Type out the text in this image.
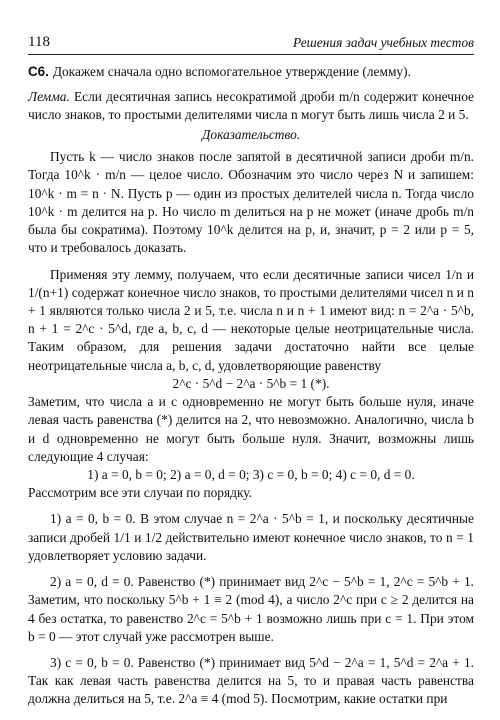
118	Решения задач учебных тестов

С6. Докажем сначала одно вспомогательное утверждение (лемму).

Лемма. Если десятичная запись несократимой дроби m/n содержит конечное число знаков, то простыми делителями числа n могут быть лишь числа 2 и 5.

Доказательство.

Пусть k — число знаков после запятой в десятичной записи дроби m/n. Тогда 10^k · m/n — целое число. Обозначим это число через N и запишем: 10^k · m = n · N. Пусть p — один из простых делителей числа n. Тогда число 10^k · m делится на p. Но число m делиться на p не может (иначе дробь m/n была бы сократима). Поэтому 10^k делится на p, и, значит, p = 2 или p = 5, что и требовалось доказать.

Применяя эту лемму, получаем, что если десятичные записи чисел 1/n и 1/(n+1) содержат конечное число знаков, то простыми делителями чисел n и n + 1 являются только числа 2 и 5, т.е. числа n и n + 1 имеют вид: n = 2^a · 5^b, n + 1 = 2^c · 5^d, где a, b, c, d — некоторые целые неотрицательные числа. Таким образом, для решения задачи достаточно найти все целые неотрицательные числа a, b, c, d, удовлетворяющие равенству

2^c · 5^d − 2^a · 5^b = 1 (*).

Заметим, что числа a и c одновременно не могут быть больше нуля, иначе левая часть равенства (*) делится на 2, что невозможно. Аналогично, числа b и d одновременно не могут быть больше нуля. Значит, возможны лишь следующие 4 случая:

1) a = 0, b = 0; 2) a = 0, d = 0; 3) c = 0, b = 0; 4) c = 0, d = 0.

Рассмотрим все эти случаи по порядку.

1) a = 0, b = 0. В этом случае n = 2^a · 5^b = 1, и поскольку десятичные записи дробей 1/1 и 1/2 действительно имеют конечное число знаков, то n = 1 удовлетворяет условию задачи.

2) a = 0, d = 0. Равенство (*) принимает вид 2^c − 5^b = 1, 2^c = 5^b + 1. Заметим, что поскольку 5^b + 1 ≡ 2 (mod 4), а число 2^c при c ≥ 2 делится на 4 без остатка, то равенство 2^c = 5^b + 1 возможно лишь при c = 1. При этом b = 0 — этот случай уже рассмотрен выше.

3) c = 0, b = 0. Равенство (*) принимает вид 5^d − 2^a = 1, 5^d = 2^a + 1. Так как левая часть равенства делится на 5, то и правая часть равенства должна делиться на 5, т.е. 2^a ≡ 4 (mod 5). Посмотрим, какие остатки при
